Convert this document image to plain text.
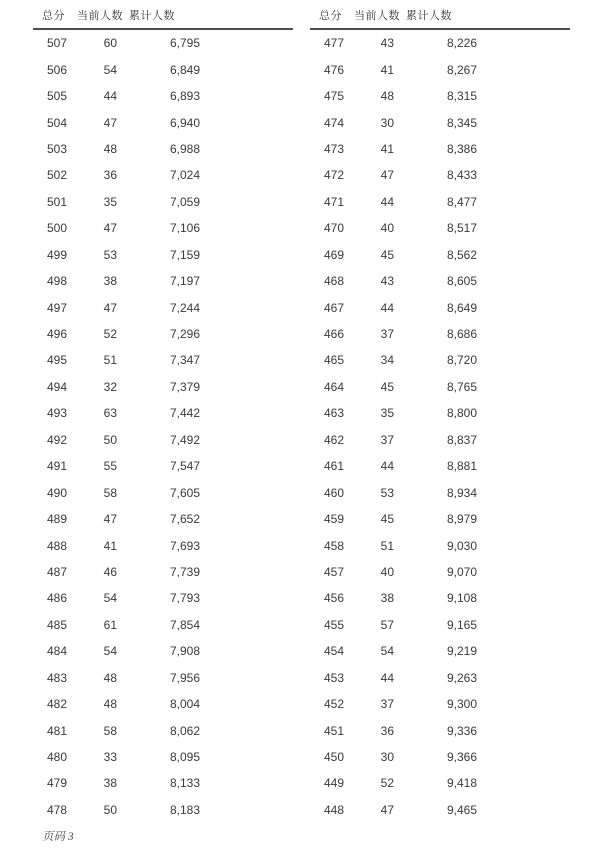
总分 当前人数 累计人数
507	60	6,795
506	54	6,849
505	44	6,893
504	47	6,940
503	48	6,988
502	36	7,024
501	35	7,059
500	47	7,106
499	53	7,159
498	38	7,197
497	47	7,244
496	52	7,296
495	51	7,347
494	32	7,379
493	63	7,442
492	50	7,492
491	55	7,547
490	58	7,605
489	47	7,652
488	41	7,693
487	46	7,739
486	54	7,793
485	61	7,854
484	54	7,908
483	48	7,956
482	48	8,004
481	58	8,062
480	33	8,095
479	38	8,133
478	50	8,183
总分 当前人数 累计人数
477	43	8,226
476	41	8,267
475	48	8,315
474	30	8,345
473	41	8,386
472	47	8,433
471	44	8,477
470	40	8,517
469	45	8,562
468	43	8,605
467	44	8,649
466	37	8,686
465	34	8,720
464	45	8,765
463	35	8,800
462	37	8,837
461	44	8,881
460	53	8,934
459	45	8,979
458	51	9,030
457	40	9,070
456	38	9,108
455	57	9,165
454	54	9,219
453	44	9,263
452	37	9,300
451	36	9,336
450	30	9,366
449	52	9,418
448	47	9,465
页码 3
